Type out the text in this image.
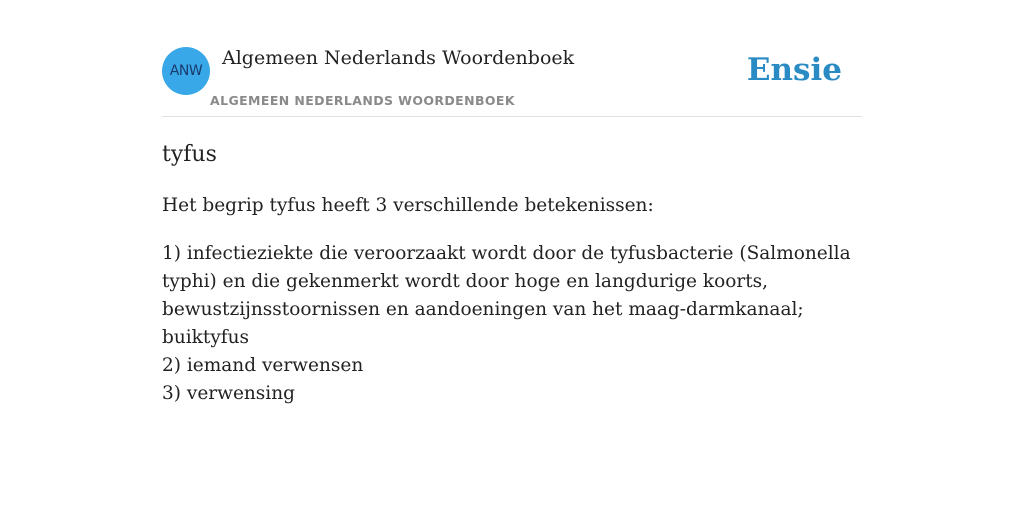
ANW
Algemeen Nederlands Woordenboek
ALGEMEEN NEDERLANDS WOORDENBOEK
Ensie
tyfus

Het begrip tyfus heeft 3 verschillende betekenissen:

1) infectieziekte die veroorzaakt wordt door de tyfusbacterie (Salmonella typhi) en die gekenmerkt wordt door hoge en langdurige koorts, bewustzijnsstoornissen en aandoeningen van het maag-darmkanaal; buiktyfus
2) iemand verwensen
3) verwensing
